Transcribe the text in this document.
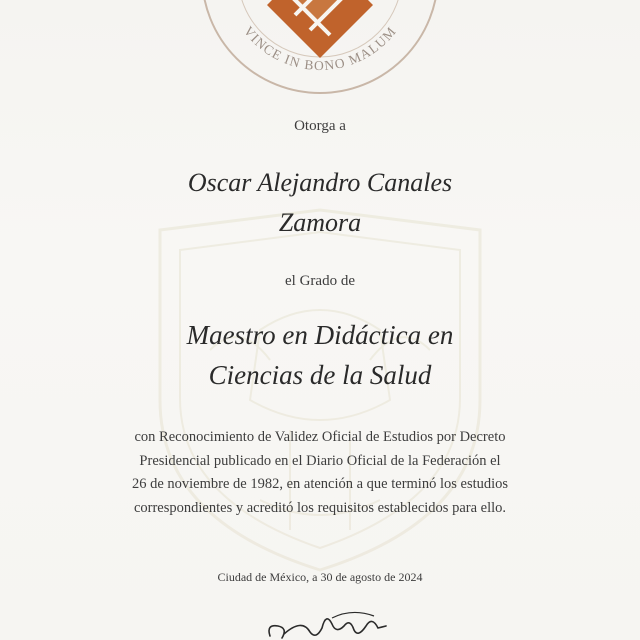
VINCE IN BONO MALUM
Otorga a
Oscar Alejandro Canales
Zamora
el Grado de
Maestro en Didáctica en
Ciencias de la Salud
con Reconocimiento de Validez Oficial de Estudios por Decreto
Presidencial publicado en el Diario Oficial de la Federación el
26 de noviembre de 1982, en atención a que terminó los estudios
correspondientes y acreditó los requisitos establecidos para ello.
Ciudad de México, a 30 de agosto de 2024
